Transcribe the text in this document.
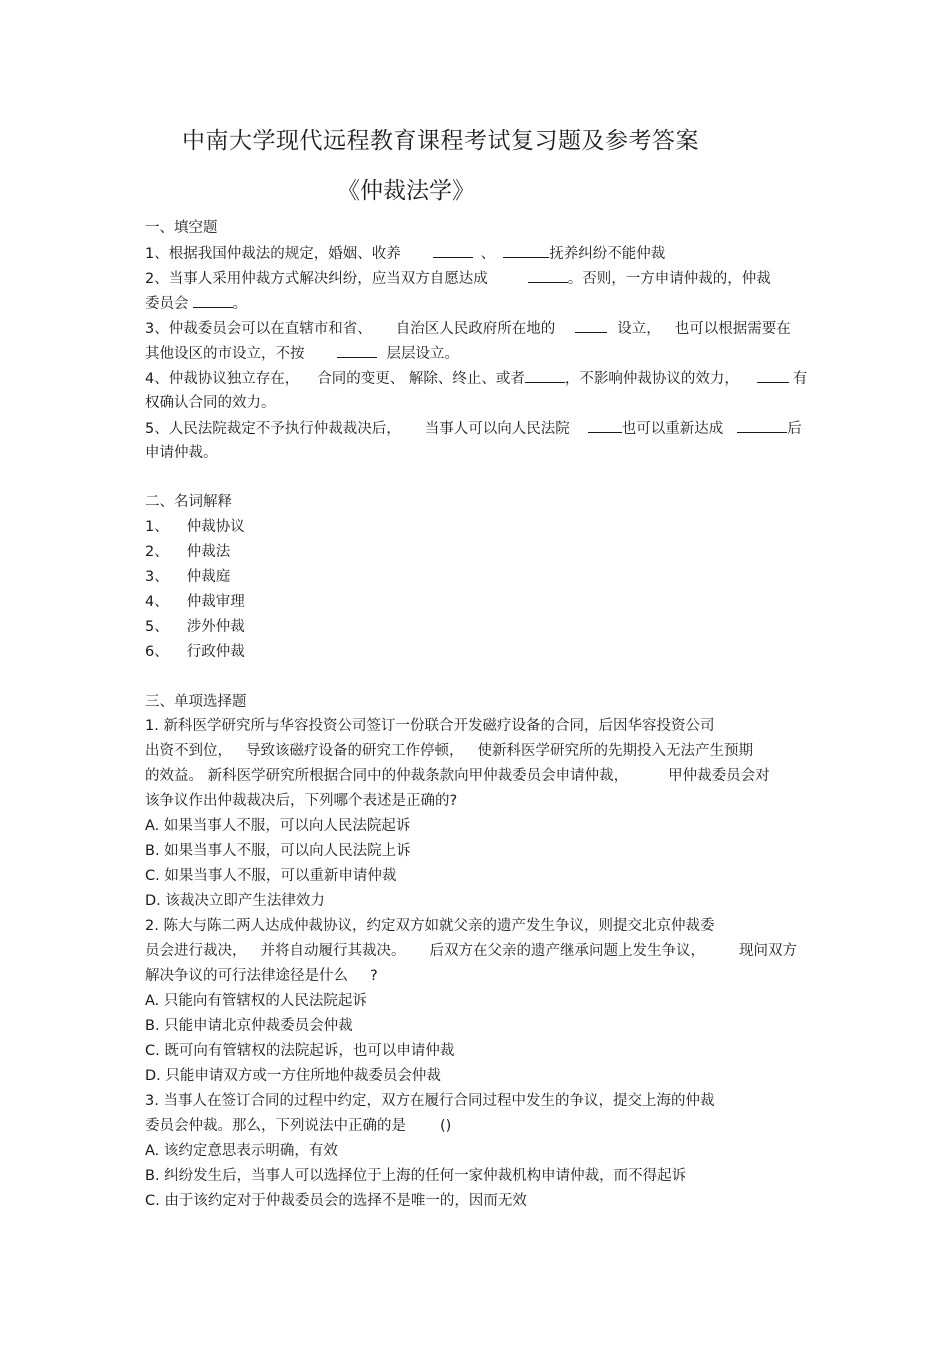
中南大学现代远程教育课程考试复习题及参考答案
《仲裁法学》
一、填空题
1、根据我国仲裁法的规定，婚姻、收养	、	抚养纠纷不能仲裁
2、当事人采用仲裁方式解决纠纷，应当双方自愿达成	。否则，一方申请仲裁的，仲裁
委员会	。
3、仲裁委员会可以在直辖市和省、 自治区人民政府所在地的	设立， 也可以根据需要在
其他设区的市设立，不按	层层设立。
4、仲裁协议独立存在， 合同的变更、 解除、终止、或者	，不影响仲裁协议的效力，	有
权确认合同的效力。
5、人民法院裁定不予执行仲裁裁决后， 当事人可以向人民法院	也可以重新达成	后
申请仲裁。
二、名词解释
1、 仲裁协议
2、 仲裁法
3、 仲裁庭
4、 仲裁审理
5、 涉外仲裁
6、 行政仲裁
三、单项选择题
1. 新科医学研究所与华容投资公司签订一份联合开发磁疗设备的合同，后因华容投资公司
出资不到位， 导致该磁疗设备的研究工作停顿， 使新科医学研究所的先期投入无法产生预期
的效益。 新科医学研究所根据合同中的仲裁条款向甲仲裁委员会申请仲裁，	甲仲裁委员会对
该争议作出仲裁裁决后，下列哪个表述是正确的?
A. 如果当事人不服，可以向人民法院起诉
B. 如果当事人不服，可以向人民法院上诉
C. 如果当事人不服，可以重新申请仲裁
D. 该裁决立即产生法律效力
2. 陈大与陈二两人达成仲裁协议，约定双方如就父亲的遗产发生争议，则提交北京仲裁委
员会进行裁决， 并将自动履行其裁决。 后双方在父亲的遗产继承问题上发生争议， 现问双方
解决争议的可行法律途径是什么 ?
A. 只能向有管辖权的人民法院起诉
B. 只能申请北京仲裁委员会仲裁
C. 既可向有管辖权的法院起诉，也可以申请仲裁
D. 只能申请双方或一方住所地仲裁委员会仲裁
3. 当事人在签订合同的过程中约定，双方在履行合同过程中发生的争议，提交上海的仲裁
委员会仲裁。那么，下列说法中正确的是 ()
A. 该约定意思表示明确，有效
B. 纠纷发生后，当事人可以选择位于上海的任何一家仲裁机构申请仲裁，而不得起诉
C. 由于该约定对于仲裁委员会的选择不是唯一的，因而无效
